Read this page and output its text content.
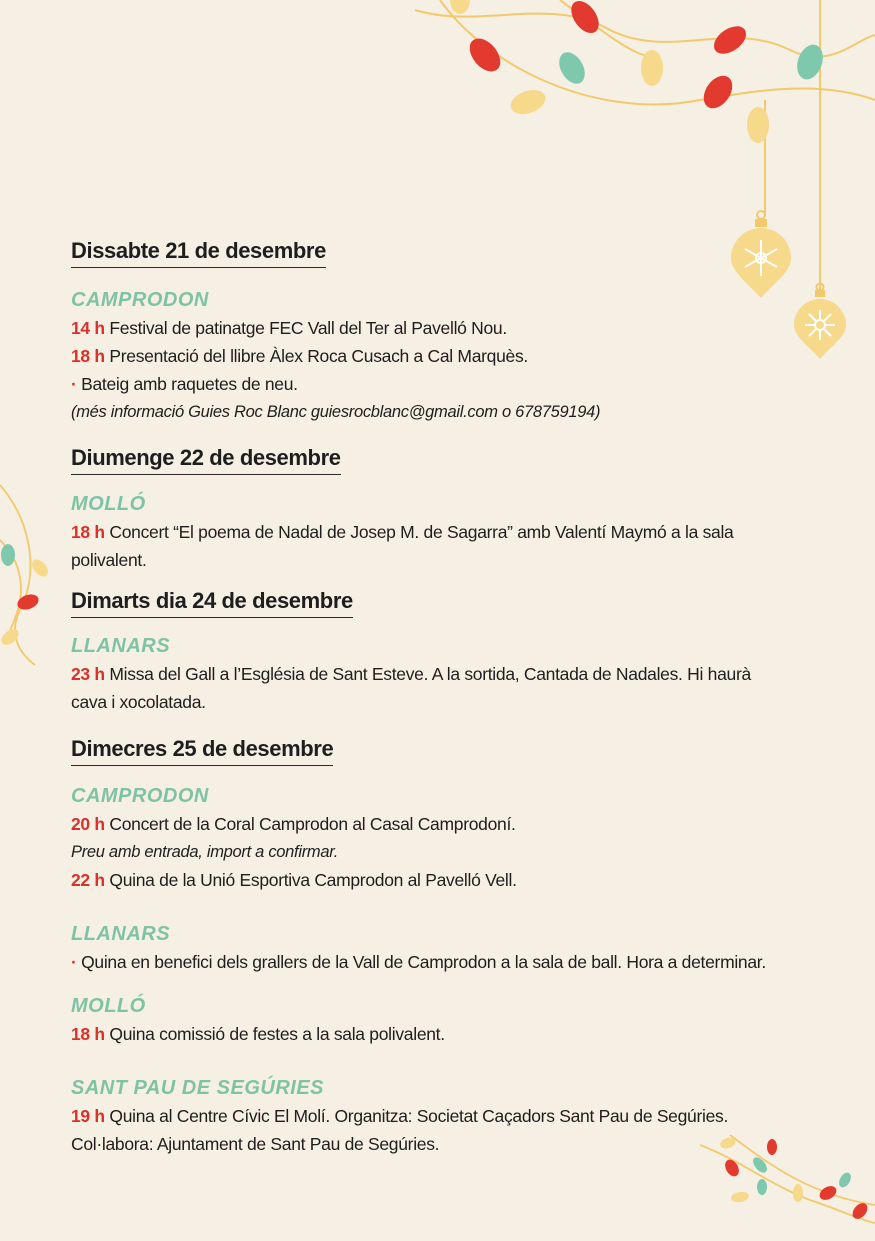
Dissabte 21 de desembre

CAMPRODON

14 h Festival de patinatge FEC Vall del Ter al Pavelló Nou.

18 h Presentació del llibre Àlex Roca Cusach a Cal Marquès.

· Bateig amb raquetes de neu.

(més informació Guies Roc Blanc guiesrocblanc@gmail.com o 678759194)

Diumenge 22 de desembre

MOLLÓ

18 h Concert “El poema de Nadal de Josep M. de Sagarra” amb Valentí Maymó a la sala

polivalent.

Dimarts dia 24 de desembre

LLANARS

23 h Missa del Gall a l’Església de Sant Esteve. A la sortida, Cantada de Nadales. Hi haurà

cava i xocolatada.

Dimecres 25 de desembre

CAMPRODON

20 h Concert de la Coral Camprodon al Casal Camprodoní.

Preu amb entrada, import a confirmar.

22 h Quina de la Unió Esportiva Camprodon al Pavelló Vell.

LLANARS

· Quina en benefici dels grallers de la Vall de Camprodon a la sala de ball. Hora a determinar.

MOLLÓ

18 h Quina comissió de festes a la sala polivalent.

SANT PAU DE SEGÚRIES

19 h Quina al Centre Cívic El Molí. Organitza: Societat Caçadors Sant Pau de Segúries.

Col·labora: Ajuntament de Sant Pau de Segúries.
